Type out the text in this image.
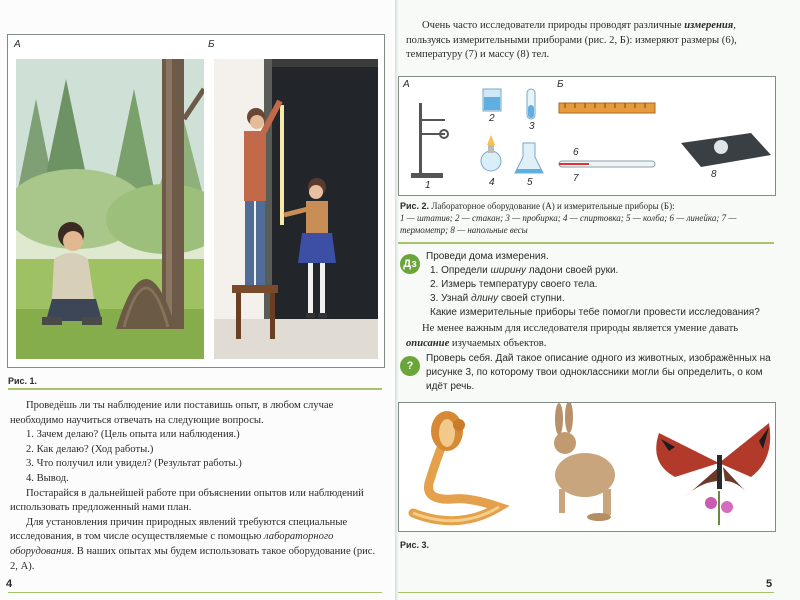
А	Б
Рис. 1.

Проведёшь ли ты наблюдение или поставишь опыт, в любом случае необходимо научиться отвечать на следующие вопросы.

1. Зачем делаю? (Цель опыта или наблюдения.)

2. Как делаю? (Ход работы.)

3. Что получил или увидел? (Результат работы.)

4. Вывод.

Постарайся в дальнейшей работе при объяснении опытов или наблюдений использовать предложенный нами план.

Для установления причин природных явлений требуются специальные исследования, в том числе осуществляемые с помощью лабораторного оборудования. В наших опытах мы будем использовать такое оборудование (рис. 2, А).

4

Очень часто исследователи природы проводят различные измерения, пользуясь измерительными приборами (рис. 2, Б): измеряют размеры (6), температуру (7) и массу (8) тел.

А	Б
1
2
3
4	5
6
7	8

Рис. 2. Лабораторное оборудование (А) и измерительные приборы (Б):

1 — штатив; 2 — стакан; 3 — пробирка; 4 — спиртовка; 5 — колба; 6 — линейка; 7 — термометр; 8 — напольные весы

Дз

Проведи дома измерения.

1. Определи ширину ладони своей руки.

2. Измерь температуру своего тела.

3. Узнай длину своей ступни.

Какие измерительные приборы тебе помогли провести исследования?

Не менее важным для исследователя природы является умение давать описание изучаемых объектов.

?

Проверь себя. Дай такое описание одного из животных, изображённых на рисунке 3, по которому твои одноклассники могли бы определить, о ком идёт речь.

Рис. 3.
5
